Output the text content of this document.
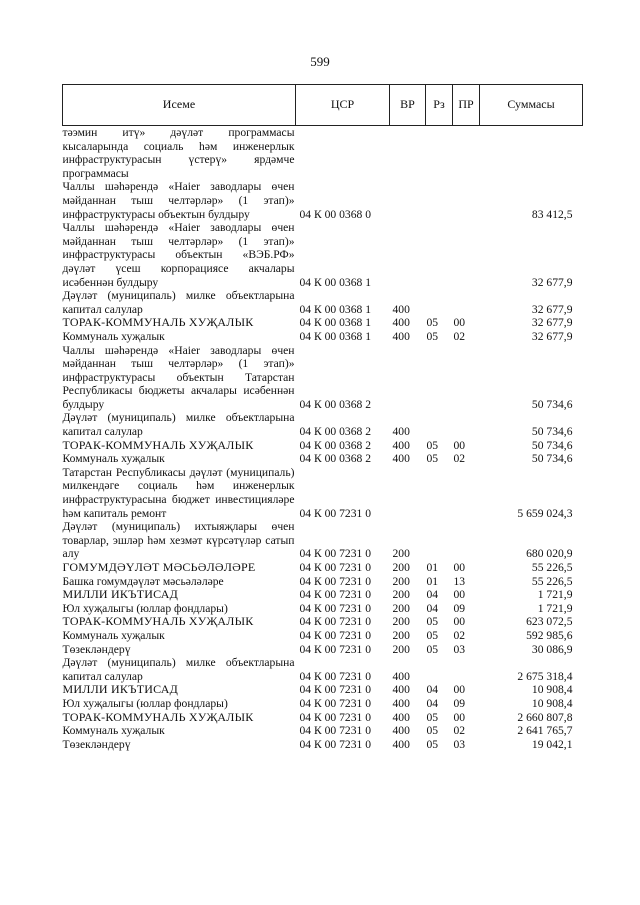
599
Исеме	ЦСР	ВР	Рз	ПР	Суммасы
тәэмин итү» дәүләт программасы кысаларында социаль һәм инженерлык инфраструктурасын үстерү» ярдәмче программасы					
Чаллы шәһәрендә «Haier заводлары өчен мәйданнан тыш челтәрләр» (1 этап)» инфраструктурасы объектын булдыру	04 К 00 0368 0				83 412,5
Чаллы шәһәрендә «Haier заводлары өчен мәйданнан тыш челтәрләр» (1 этап)» инфраструктурасы объектын «ВЭБ.РФ» дәүләт үсеш корпорациясе акчалары исәбеннән булдыру	04 К 00 0368 1				32 677,9
Дәүләт (муниципаль) милке объектларына капитал салулар	04 К 00 0368 1	400			32 677,9
ТОРАК-КОММУНАЛЬ ХУҖАЛЫК	04 К 00 0368 1	400	05	00	32 677,9
Коммуналь хуҗалык	04 К 00 0368 1	400	05	02	32 677,9
Чаллы шәһәрендә «Haier заводлары өчен мәйданнан тыш челтәрләр» (1 этап)» инфраструктурасы объектын Татарстан Республикасы бюджеты акчалары исәбеннән булдыру	04 К 00 0368 2				50 734,6
Дәүләт (муниципаль) милке объектларына капитал салулар	04 К 00 0368 2	400			50 734,6
ТОРАК-КОММУНАЛЬ ХУҖАЛЫК	04 К 00 0368 2	400	05	00	50 734,6
Коммуналь хуҗалык	04 К 00 0368 2	400	05	02	50 734,6
Татарстан Республикасы дәүләт (муниципаль) милкендәге социаль һәм инженерлык инфраструктурасына бюджет инвестицияләре һәм капиталь ремонт	04 К 00 7231 0				5 659 024,3
Дәүләт (муниципаль) ихтыяҗлары өчен товарлар, эшләр һәм хезмәт күрсәтүләр сатып алу	04 К 00 7231 0	200			680 020,9
ГОМУМДӘҮЛӘТ МӘСЬӘЛӘЛӘРЕ	04 К 00 7231 0	200	01	00	55 226,5
Башка гомумдәүләт мәсьәләләре	04 К 00 7231 0	200	01	13	55 226,5
МИЛЛИ ИКЪТИСАД	04 К 00 7231 0	200	04	00	1 721,9
Юл хуҗалыгы (юллар фондлары)	04 К 00 7231 0	200	04	09	1 721,9
ТОРАК-КОММУНАЛЬ ХУҖАЛЫК	04 К 00 7231 0	200	05	00	623 072,5
Коммуналь хуҗалык	04 К 00 7231 0	200	05	02	592 985,6
Төзекләндерү	04 К 00 7231 0	200	05	03	30 086,9
Дәүләт (муниципаль) милке объектларына капитал салулар	04 К 00 7231 0	400			2 675 318,4
МИЛЛИ ИКЪТИСАД	04 К 00 7231 0	400	04	00	10 908,4
Юл хуҗалыгы (юллар фондлары)	04 К 00 7231 0	400	04	09	10 908,4
ТОРАК-КОММУНАЛЬ ХУҖАЛЫК	04 К 00 7231 0	400	05	00	2 660 807,8
Коммуналь хуҗалык	04 К 00 7231 0	400	05	02	2 641 765,7
Төзекләндерү	04 К 00 7231 0	400	05	03	19 042,1
